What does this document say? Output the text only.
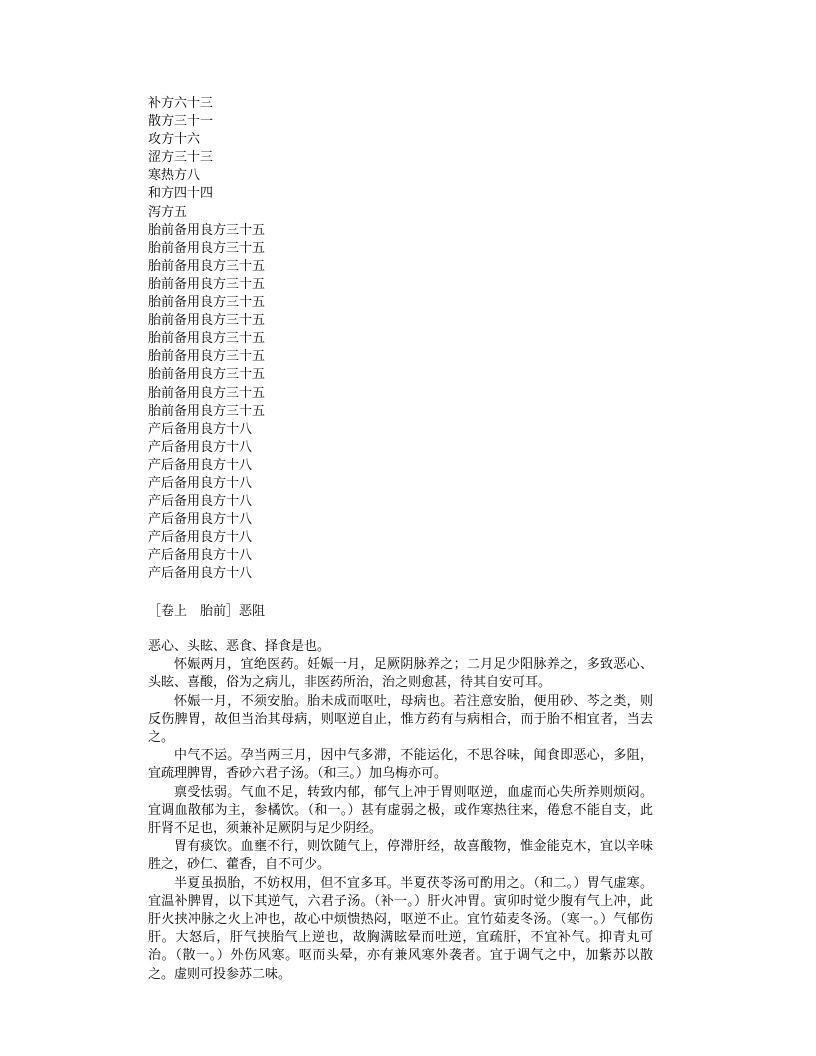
补方六十三
散方三十一
攻方十六
涩方三十三
寒热方八
和方四十四
泻方五
胎前备用良方三十五
胎前备用良方三十五
胎前备用良方三十五
胎前备用良方三十五
胎前备用良方三十五
胎前备用良方三十五
胎前备用良方三十五
胎前备用良方三十五
胎前备用良方三十五
胎前备用良方三十五
胎前备用良方三十五
产后备用良方十八
产后备用良方十八
产后备用良方十八
产后备用良方十八
产后备用良方十八
产后备用良方十八
产后备用良方十八
产后备用良方十八
产后备用良方十八
［卷上　胎前］恶阻

恶心、头眩、恶食、择食是也。

怀娠两月，宜绝医药。妊娠一月，足厥阴脉养之；二月足少阳脉养之，多致恶心、头眩、喜酸，俗为之病儿，非医药所治，治之则愈甚，待其自安可耳。

怀娠一月，不须安胎。胎未成而呕吐，母病也。若注意安胎，便用砂、芩之类，则反伤脾胃，故但当治其母病，则呕逆自止，惟方药有与病相合，而于胎不相宜者，当去之。

中气不运。孕当两三月，因中气多滞，不能运化，不思谷味，闻食即恶心，多阻，宜疏理脾胃，香砂六君子汤。（和三。）加乌梅亦可。

禀受怯弱。气血不足，转致内郁，郁气上冲于胃则呕逆，血虚而心失所养则烦闷。宜调血散郁为主，参橘饮。（和一。）甚有虚弱之极，或作寒热往来，倦怠不能自支，此肝肾不足也，须兼补足厥阴与足少阴经。

胃有痰饮。血壅不行，则饮随气上，停滞肝经，故喜酸物，惟金能克木，宜以辛味胜之，砂仁、藿香，自不可少。

半夏虽损胎，不妨权用，但不宜多耳。半夏茯苓汤可酌用之。（和二。）胃气虚寒。宜温补脾胃，以下其逆气，六君子汤。（补一。）肝火冲胃。寅卯时觉少腹有气上冲，此肝火挟冲脉之火上冲也，故心中烦愦热闷，呕逆不止。宜竹茹麦冬汤。（寒一。）气郁伤肝。大怒后，肝气挟胎气上逆也，故胸满眩晕而吐逆，宜疏肝，不宜补气。抑青丸可治。（散一。）外伤风寒。呕而头晕，亦有兼风寒外袭者。宜于调气之中，加紫苏以散之。虚则可投参苏二味。
